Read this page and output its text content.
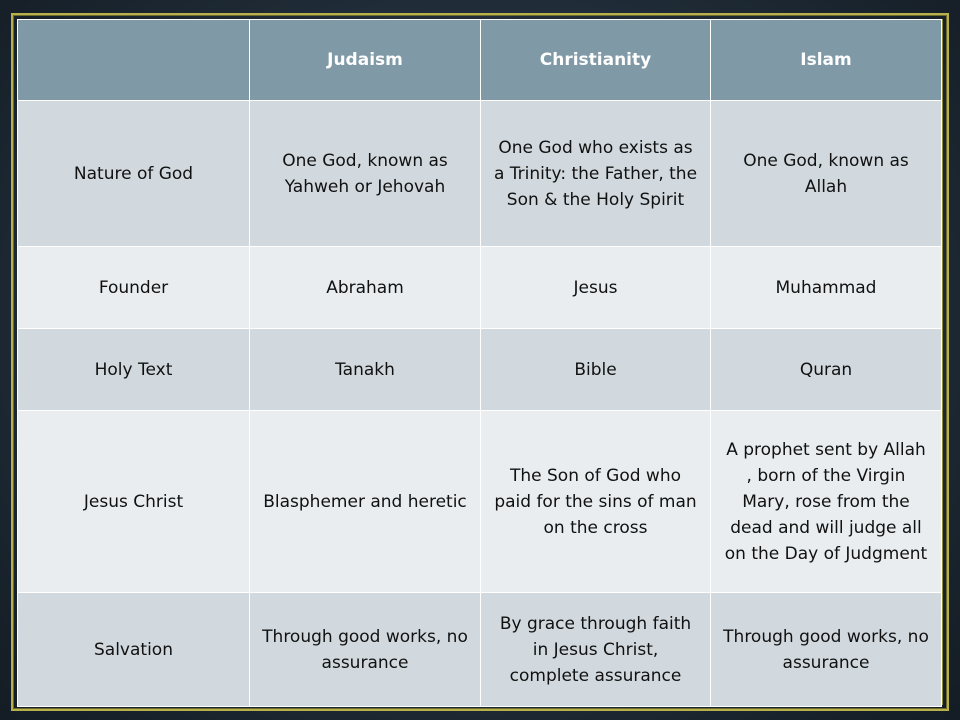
	Judaism	Christianity	Islam
Nature of God	One God, known as Yahweh or Jehovah	One God who exists as a Trinity: the Father, the Son & the Holy Spirit	One God, known as Allah
Founder	Abraham	Jesus	Muhammad
Holy Text	Tanakh	Bible	Quran
Jesus Christ	Blasphemer and heretic	The Son of God who paid for the sins of man on the cross	A prophet sent by Allah , born of the Virgin Mary, rose from the dead and will judge all on the Day of Judgment
Salvation	Through good works, no assurance	By grace through faith in Jesus Christ, complete assurance	Through good works, no assurance
